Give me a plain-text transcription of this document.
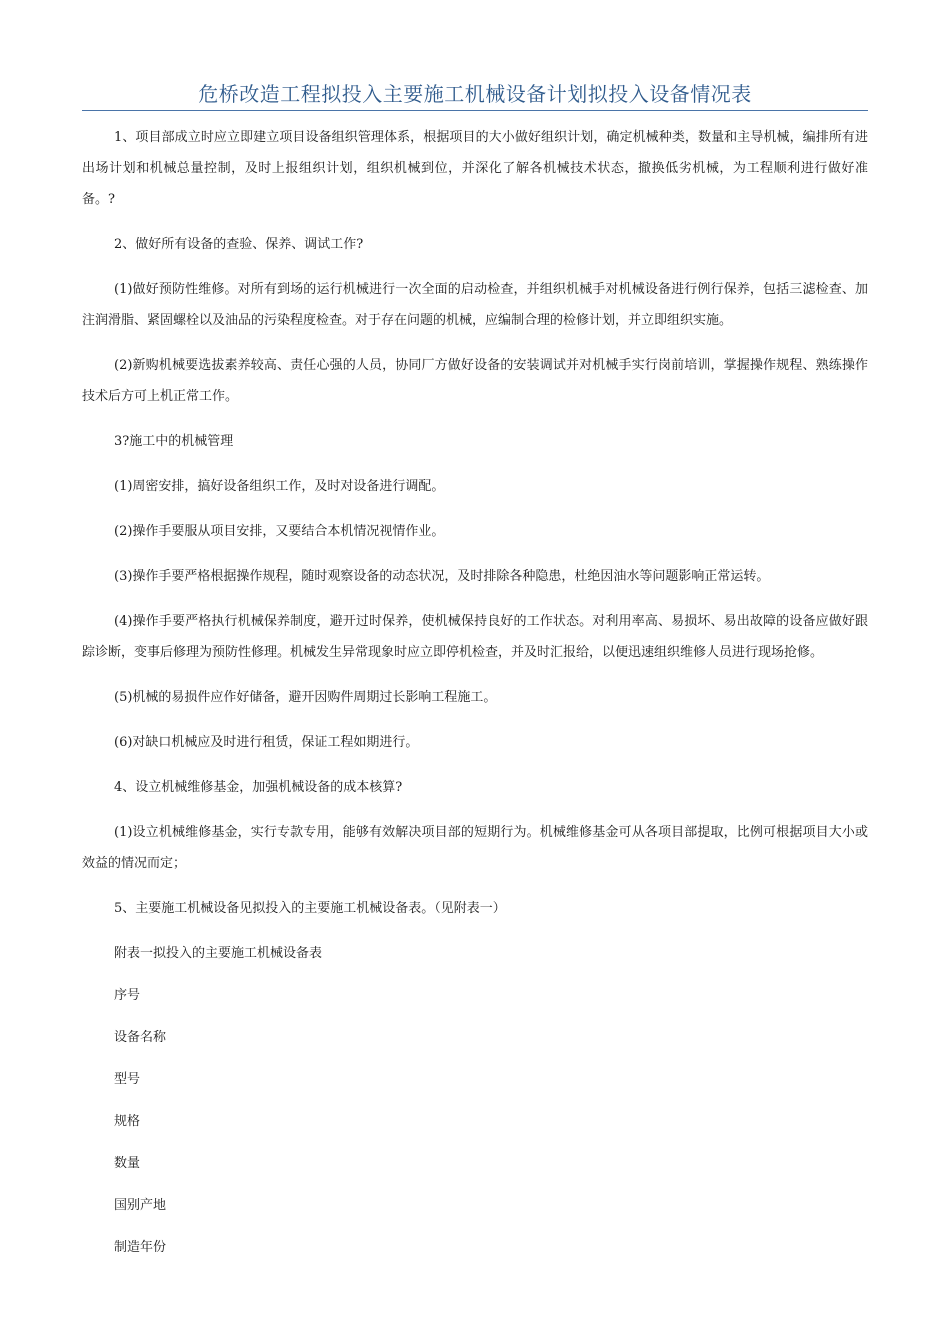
危桥改造工程拟投入主要施工机械设备计划拟投入设备情况表

1、项目部成立时应立即建立项目设备组织管理体系，根据项目的大小做好组织计划，确定机械种类，数量和主导机械，编排所有进出场计划和机械总量控制，及时上报组织计划，组织机械到位，并深化了解各机械技术状态，撤换低劣机械，为工程顺利进行做好准备。?

2、做好所有设备的查验、保养、调试工作?

(1)做好预防性维修。对所有到场的运行机械进行一次全面的启动检查，并组织机械手对机械设备进行例行保养，包括三滤检查、加注润滑脂、紧固螺栓以及油品的污染程度检查。对于存在问题的机械，应编制合理的检修计划，并立即组织实施。

(2)新购机械要选拔素养较高、责任心强的人员，协同厂方做好设备的安装调试并对机械手实行岗前培训，掌握操作规程、熟练操作技术后方可上机正常工作。

3?施工中的机械管理

(1)周密安排，搞好设备组织工作，及时对设备进行调配。

(2)操作手要服从项目安排，又要结合本机情况视情作业。

(3)操作手要严格根据操作规程，随时观察设备的动态状况，及时排除各种隐患，杜绝因油水等问题影响正常运转。

(4)操作手要严格执行机械保养制度，避开过时保养，使机械保持良好的工作状态。对利用率高、易损坏、易出故障的设备应做好跟踪诊断，变事后修理为预防性修理。机械发生异常现象时应立即停机检查，并及时汇报给，以便迅速组织维修人员进行现场抢修。

(5)机械的易损件应作好储备，避开因购件周期过长影响工程施工。

(6)对缺口机械应及时进行租赁，保证工程如期进行。

4、设立机械维修基金，加强机械设备的成本核算?

(1)设立机械维修基金，实行专款专用，能够有效解决项目部的短期行为。机械维修基金可从各项目部提取，比例可根据项目大小或效益的情况而定；

5、主要施工机械设备见拟投入的主要施工机械设备表。（见附表一）

附表一拟投入的主要施工机械设备表

序号

设备名称

型号

规格

数量

国别产地

制造年份
